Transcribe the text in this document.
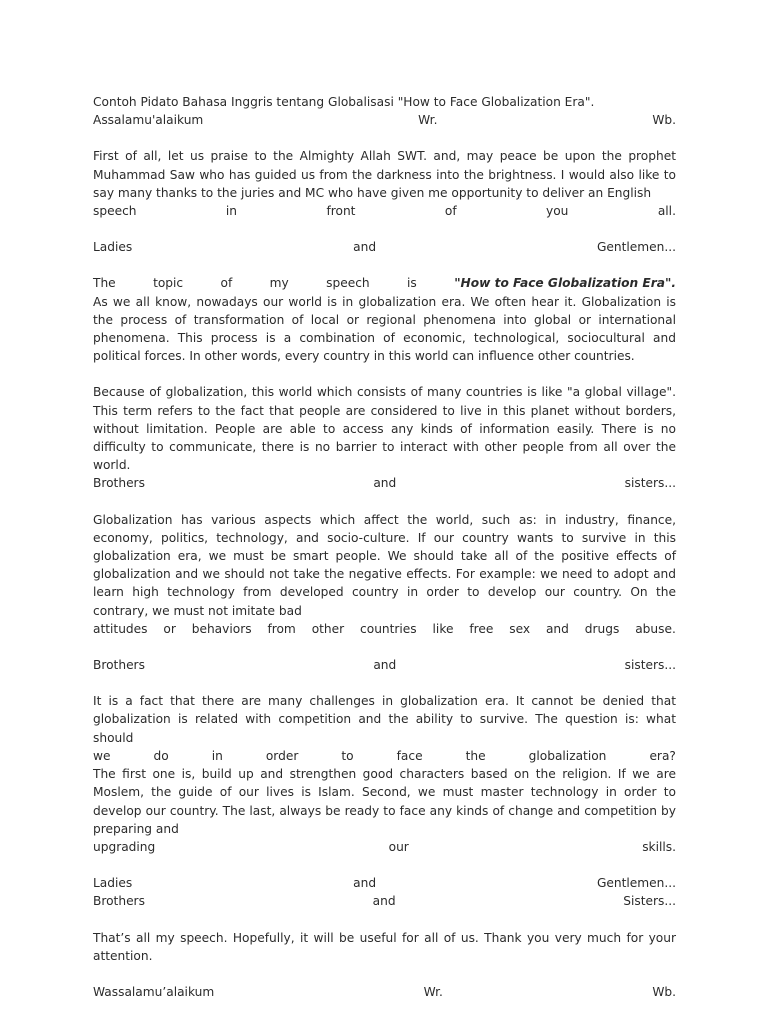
Contoh Pidato Bahasa Inggris tentang Globalisasi "How to Face Globalization Era".
Assalamu'alaikum	Wr.	Wb.
First of all, let us praise to the Almighty Allah SWT. and, may peace be upon the prophet Muhammad Saw who has guided us from the darkness into the brightness. I would also like to say many thanks to the juries and MC who have given me opportunity to deliver an English
speech	in	front	of	you	all.
Ladies	and	Gentlemen...
The	topic	of	my	speech	is	"How to Face Globalization Era".
As we all know, nowadays our world is in globalization era. We often hear it. Globalization is the process of transformation of local or regional phenomena into global or international phenomena. This process is a combination of economic, technological, sociocultural and political forces. In other words, every country in this world can influence other countries.
Because of globalization, this world which consists of many countries is like "a global village". This term refers to the fact that people are considered to live in this planet without borders, without limitation. People are able to access any kinds of information easily. There is no difficulty to communicate, there is no barrier to interact with other people from all over the world.
Brothers	and	sisters...
Globalization has various aspects which affect the world, such as: in industry, finance, economy, politics, technology, and socio-culture. If our country wants to survive in this globalization era, we must be smart people. We should take all of the positive effects of globalization and we should not take the negative effects. For example: we need to adopt and learn high technology from developed country in order to develop our country. On the contrary, we must not imitate bad
attitudes or behaviors from other countries like free sex and drugs abuse.
Brothers	and	sisters...
It is a fact that there are many challenges in globalization era. It cannot be denied that globalization is related with competition and the ability to survive. The question is: what should
we	do	in	order	to	face	the	globalization	era?
The first one is, build up and strengthen good characters based on the religion. If we are Moslem, the guide of our lives is Islam. Second, we must master technology in order to develop our country. The last, always be ready to face any kinds of change and competition by preparing and
upgrading	our	skills.
Ladies	and	Gentlemen...
Brothers	and	Sisters...
That’s all my speech. Hopefully, it will be useful for all of us. Thank you very much for your attention.
Wassalamu’alaikum	Wr.	Wb.
